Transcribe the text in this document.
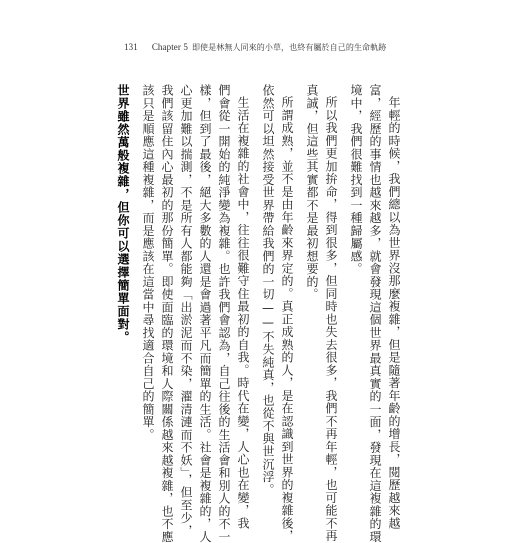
131 Chapter 5 即使是林無人同來的小草，也終有屬於自己的生命軌跡
年輕的時候，我們總以為世界沒那麼複雜，但是隨著年齡的增長，閱歷越來越
富，經歷的事情也越來越多，就會發現這個世界最真實的一面，發現在這複雜的環
境中，我們很難找到一種歸屬感。
所以我們更加拚命，得到很多，但同時也失去很多，我們不再年輕，也可能不再
真誠，但這些其實都不是最初想要的。
所謂成熟，並不是由年齡來界定的。真正成熟的人，是在認識到世界的複雜後，
依然可以坦然接受世界帶給我們的一切——不失純真，也從不與世沉浮。
生活在複雜的社會中，往往很難守住最初的自我。時代在變，人心也在變，我
們會從一開始的純淨變為複雜。也許我們會認為，自己往後的生活會和別人的不一
樣，但到了最後，絕大多數的人還是會過著平凡而簡單的生活。社會是複雜的，人
心更加難以揣測，不是所有人都能夠「出淤泥而不染，濯清漣而不妖」，但至少，
我們該留住內心最初的那份簡單。即使面臨的環境和人際關係越來越複雜，也不應
該只是順應這種複雜，而是應該在這當中尋找適合自己的簡單。
世界雖然萬般複雜，但你可以選擇簡單面對。
